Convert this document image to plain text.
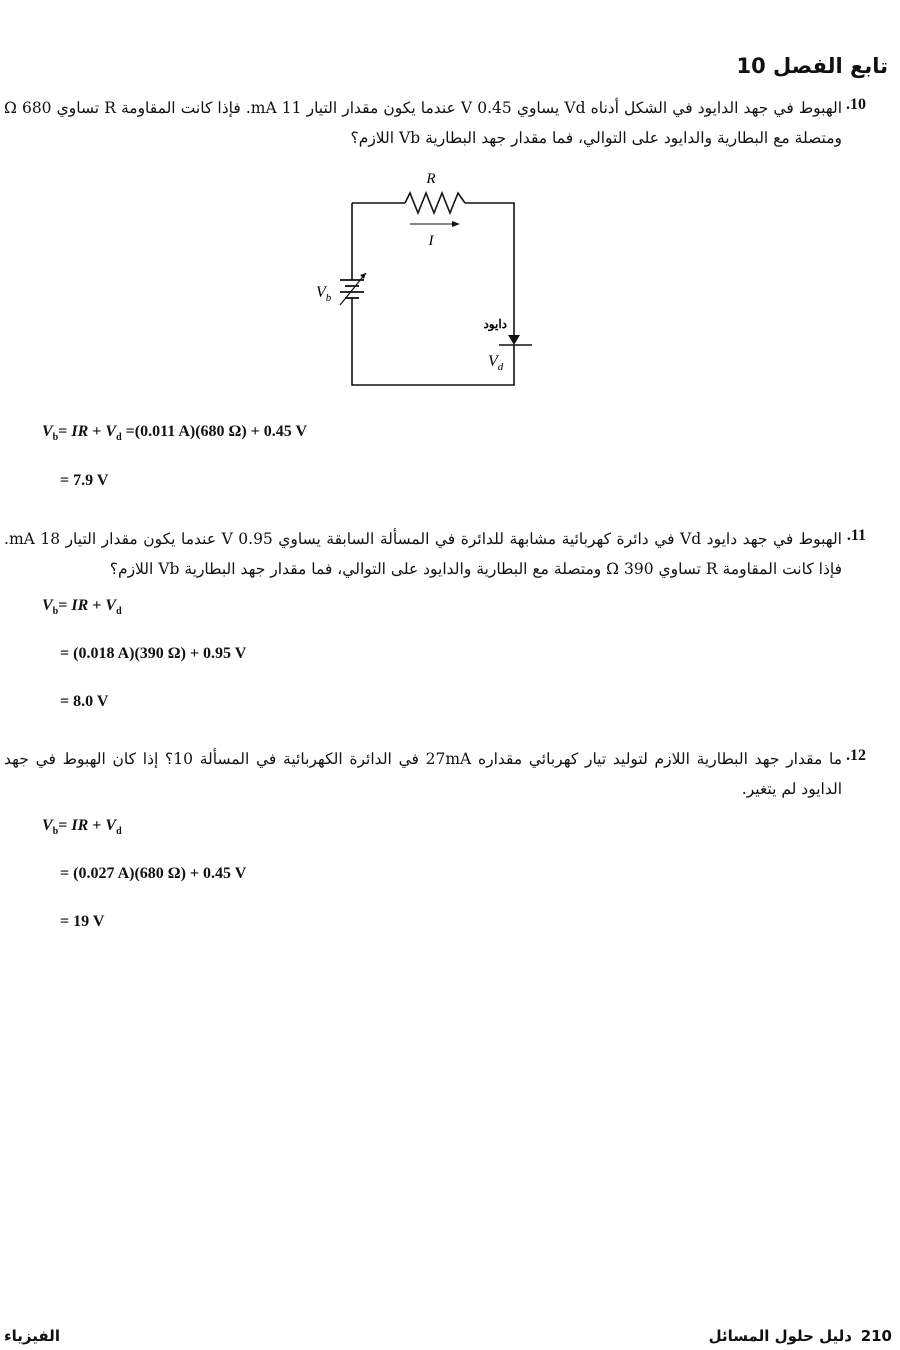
تابع الفصل 10
.10
الهبوط في جهد الدايود في الشكل أدناه Vd يساوي 0.45 V عندما يكون مقدار التيار 11 mA. فإذا كانت المقاومة R تساوي 680 Ω ومتصلة مع البطارية والدايود على التوالي، فما مقدار جهد البطارية Vb اللازم؟
R
I
$V_b$
دايود
$V_d$
$V_b=$ IR + $V_d =(0.011$ A)(680 Ω) + 0.45 V
= 7.9 V
.11
الهبوط في جهد دايود Vd في دائرة كهربائية مشابهة للدائرة في المسألة السابقة يساوي 0.95 V عندما يكون مقدار التيار 18 mA. فإذا كانت المقاومة R تساوي 390 Ω ومتصلة مع البطارية والدايود على التوالي، فما مقدار جهد البطارية Vb اللازم؟
$V_b=$ IR + $V_d$
= (0.018 A)(390 Ω) + 0.95 V
= 8.0 V
.12
ما مقدار جهد البطارية اللازم لتوليد تيار كهربائي مقداره 27mA في الدائرة الكهربائية في المسألة 10؟ إذا كان الهبوط في جهد الدايود لم يتغير.
$V_b=$ IR + $V_d$
= (0.027 A)(680 Ω) + 0.45 V
= 19 V
210
دليل حلول المسائل
الفيزياء
